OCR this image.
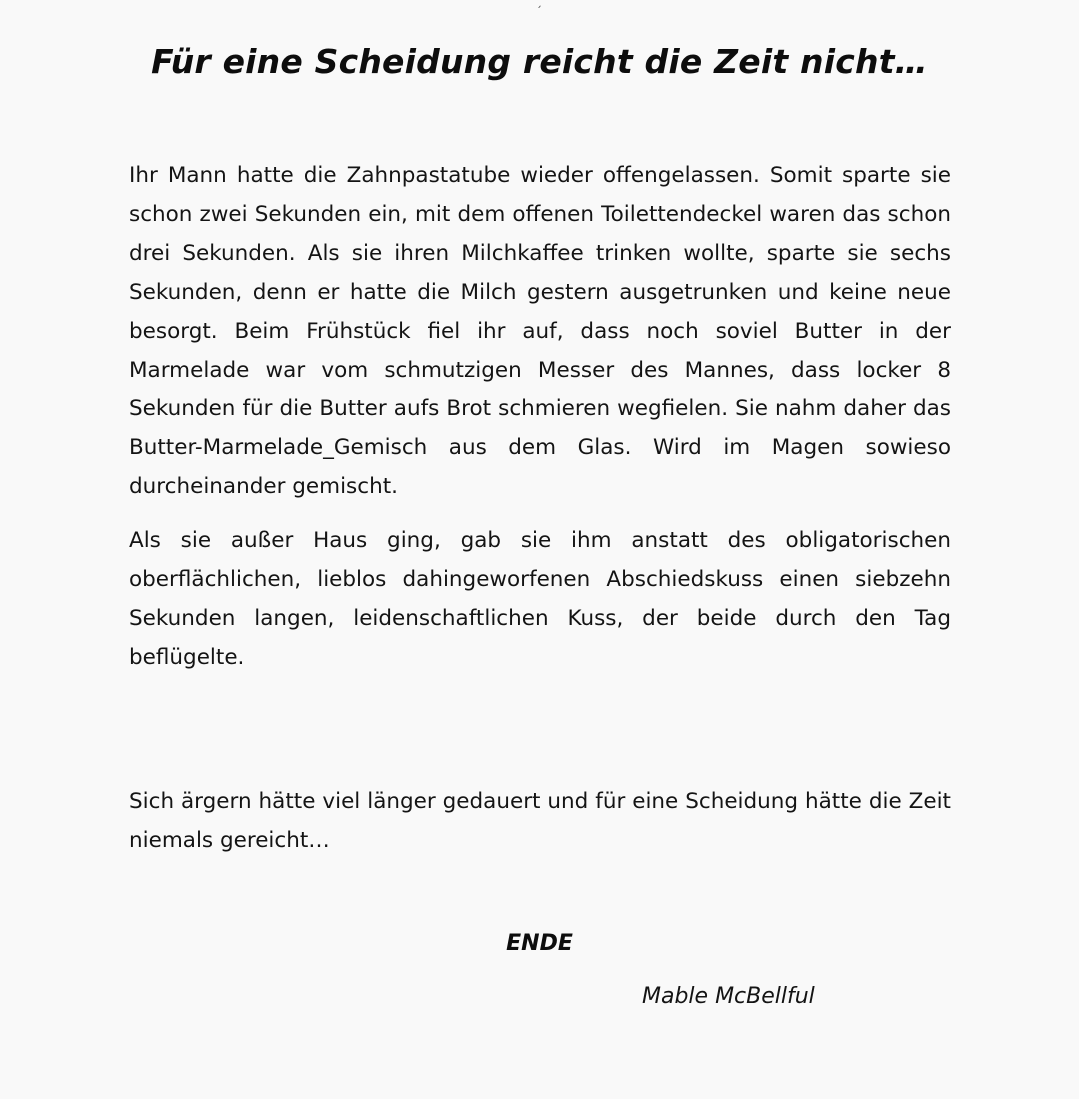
ˏ
Für eine Scheidung reicht die Zeit nicht…

Ihr Mann hatte die Zahnpastatube wieder offengelassen. Somit sparte sie schon zwei Sekunden ein, mit dem offenen Toilettendeckel waren das schon drei Sekunden. Als sie ihren Milchkaffee trinken wollte, sparte sie sechs Sekunden, denn er hatte die Milch gestern ausgetrunken und keine neue besorgt. Beim Frühstück fiel ihr auf, dass noch soviel Butter in der Marmelade war vom schmutzigen Messer des Mannes, dass locker 8 Sekunden für die Butter aufs Brot schmieren wegfielen. Sie nahm daher das Butter-Marmelade_Gemisch aus dem Glas. Wird im Magen sowieso durcheinander gemischt.

Als sie außer Haus ging, gab sie ihm anstatt des obligatorischen oberflächlichen, lieblos dahingeworfenen Abschiedskuss einen siebzehn Sekunden langen, leidenschaftlichen Kuss, der beide durch den Tag beflügelte.

Sich ärgern hätte viel länger gedauert und für eine Scheidung hätte die Zeit niemals gereicht…

ENDE
Mable McBellful
